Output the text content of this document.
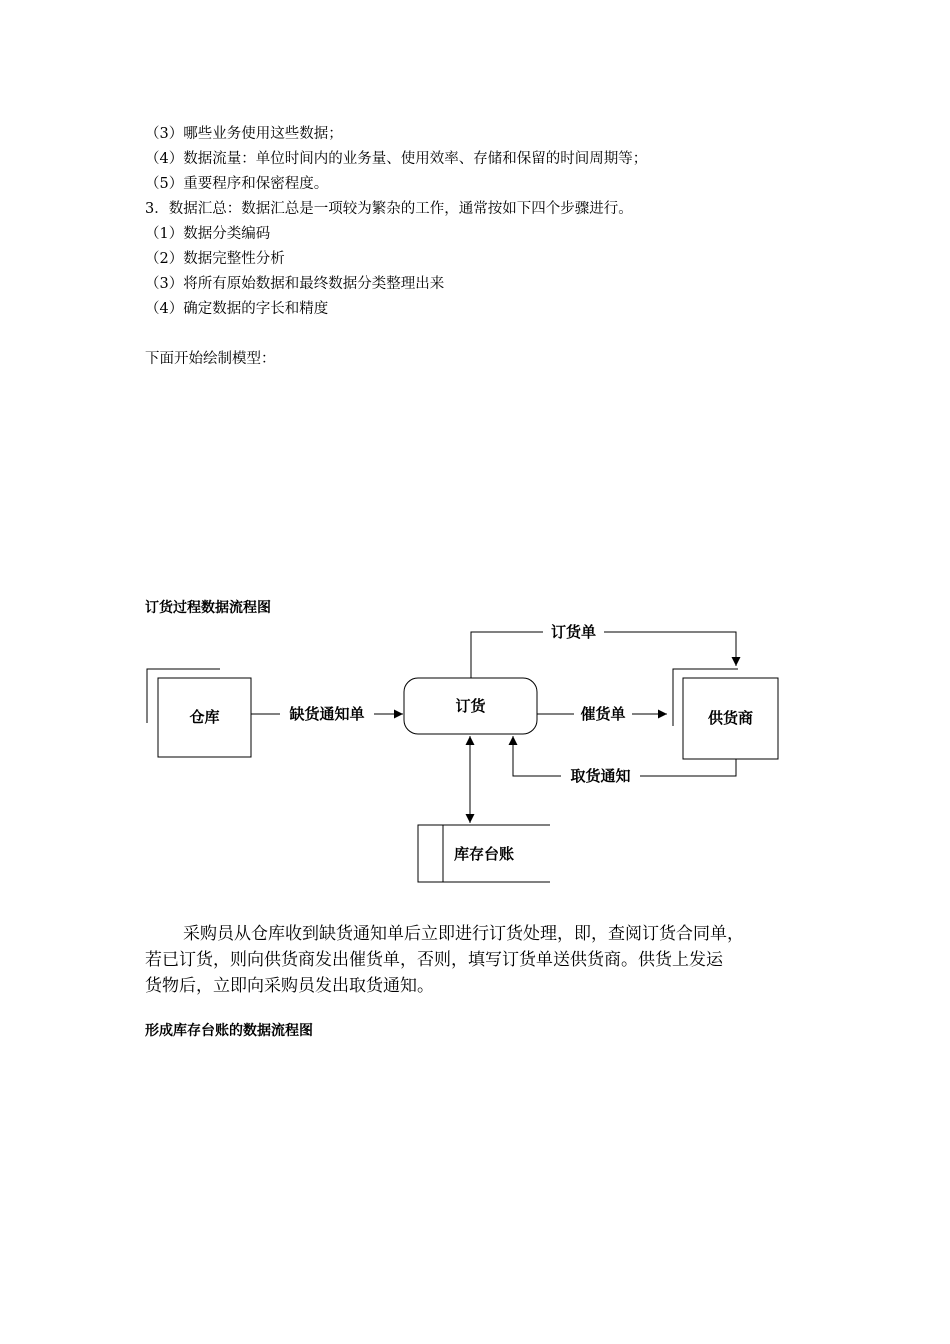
（3）哪些业务使用这些数据；
（4）数据流量：单位时间内的业务量、使用效率、存储和保留的时间周期等；
（5）重要程序和保密程度。
3．数据汇总：数据汇总是一项较为繁杂的工作，通常按如下四个步骤进行。
（1）数据分类编码
（2）数据完整性分析
（3）将所有原始数据和最终数据分类整理出来
（4）确定数据的字长和精度
下面开始绘制模型：
订货过程数据流程图
仓库	供货商
订货
库存台账
缺货通知单	催货单
订货单
取货通知
采购员从仓库收到缺货通知单后立即进行订货处理，即，查阅订货合同单，
若已订货，则向供货商发出催货单，否则，填写订货单送供货商。供货上发运
货物后，立即向采购员发出取货通知。
形成库存台账的数据流程图
